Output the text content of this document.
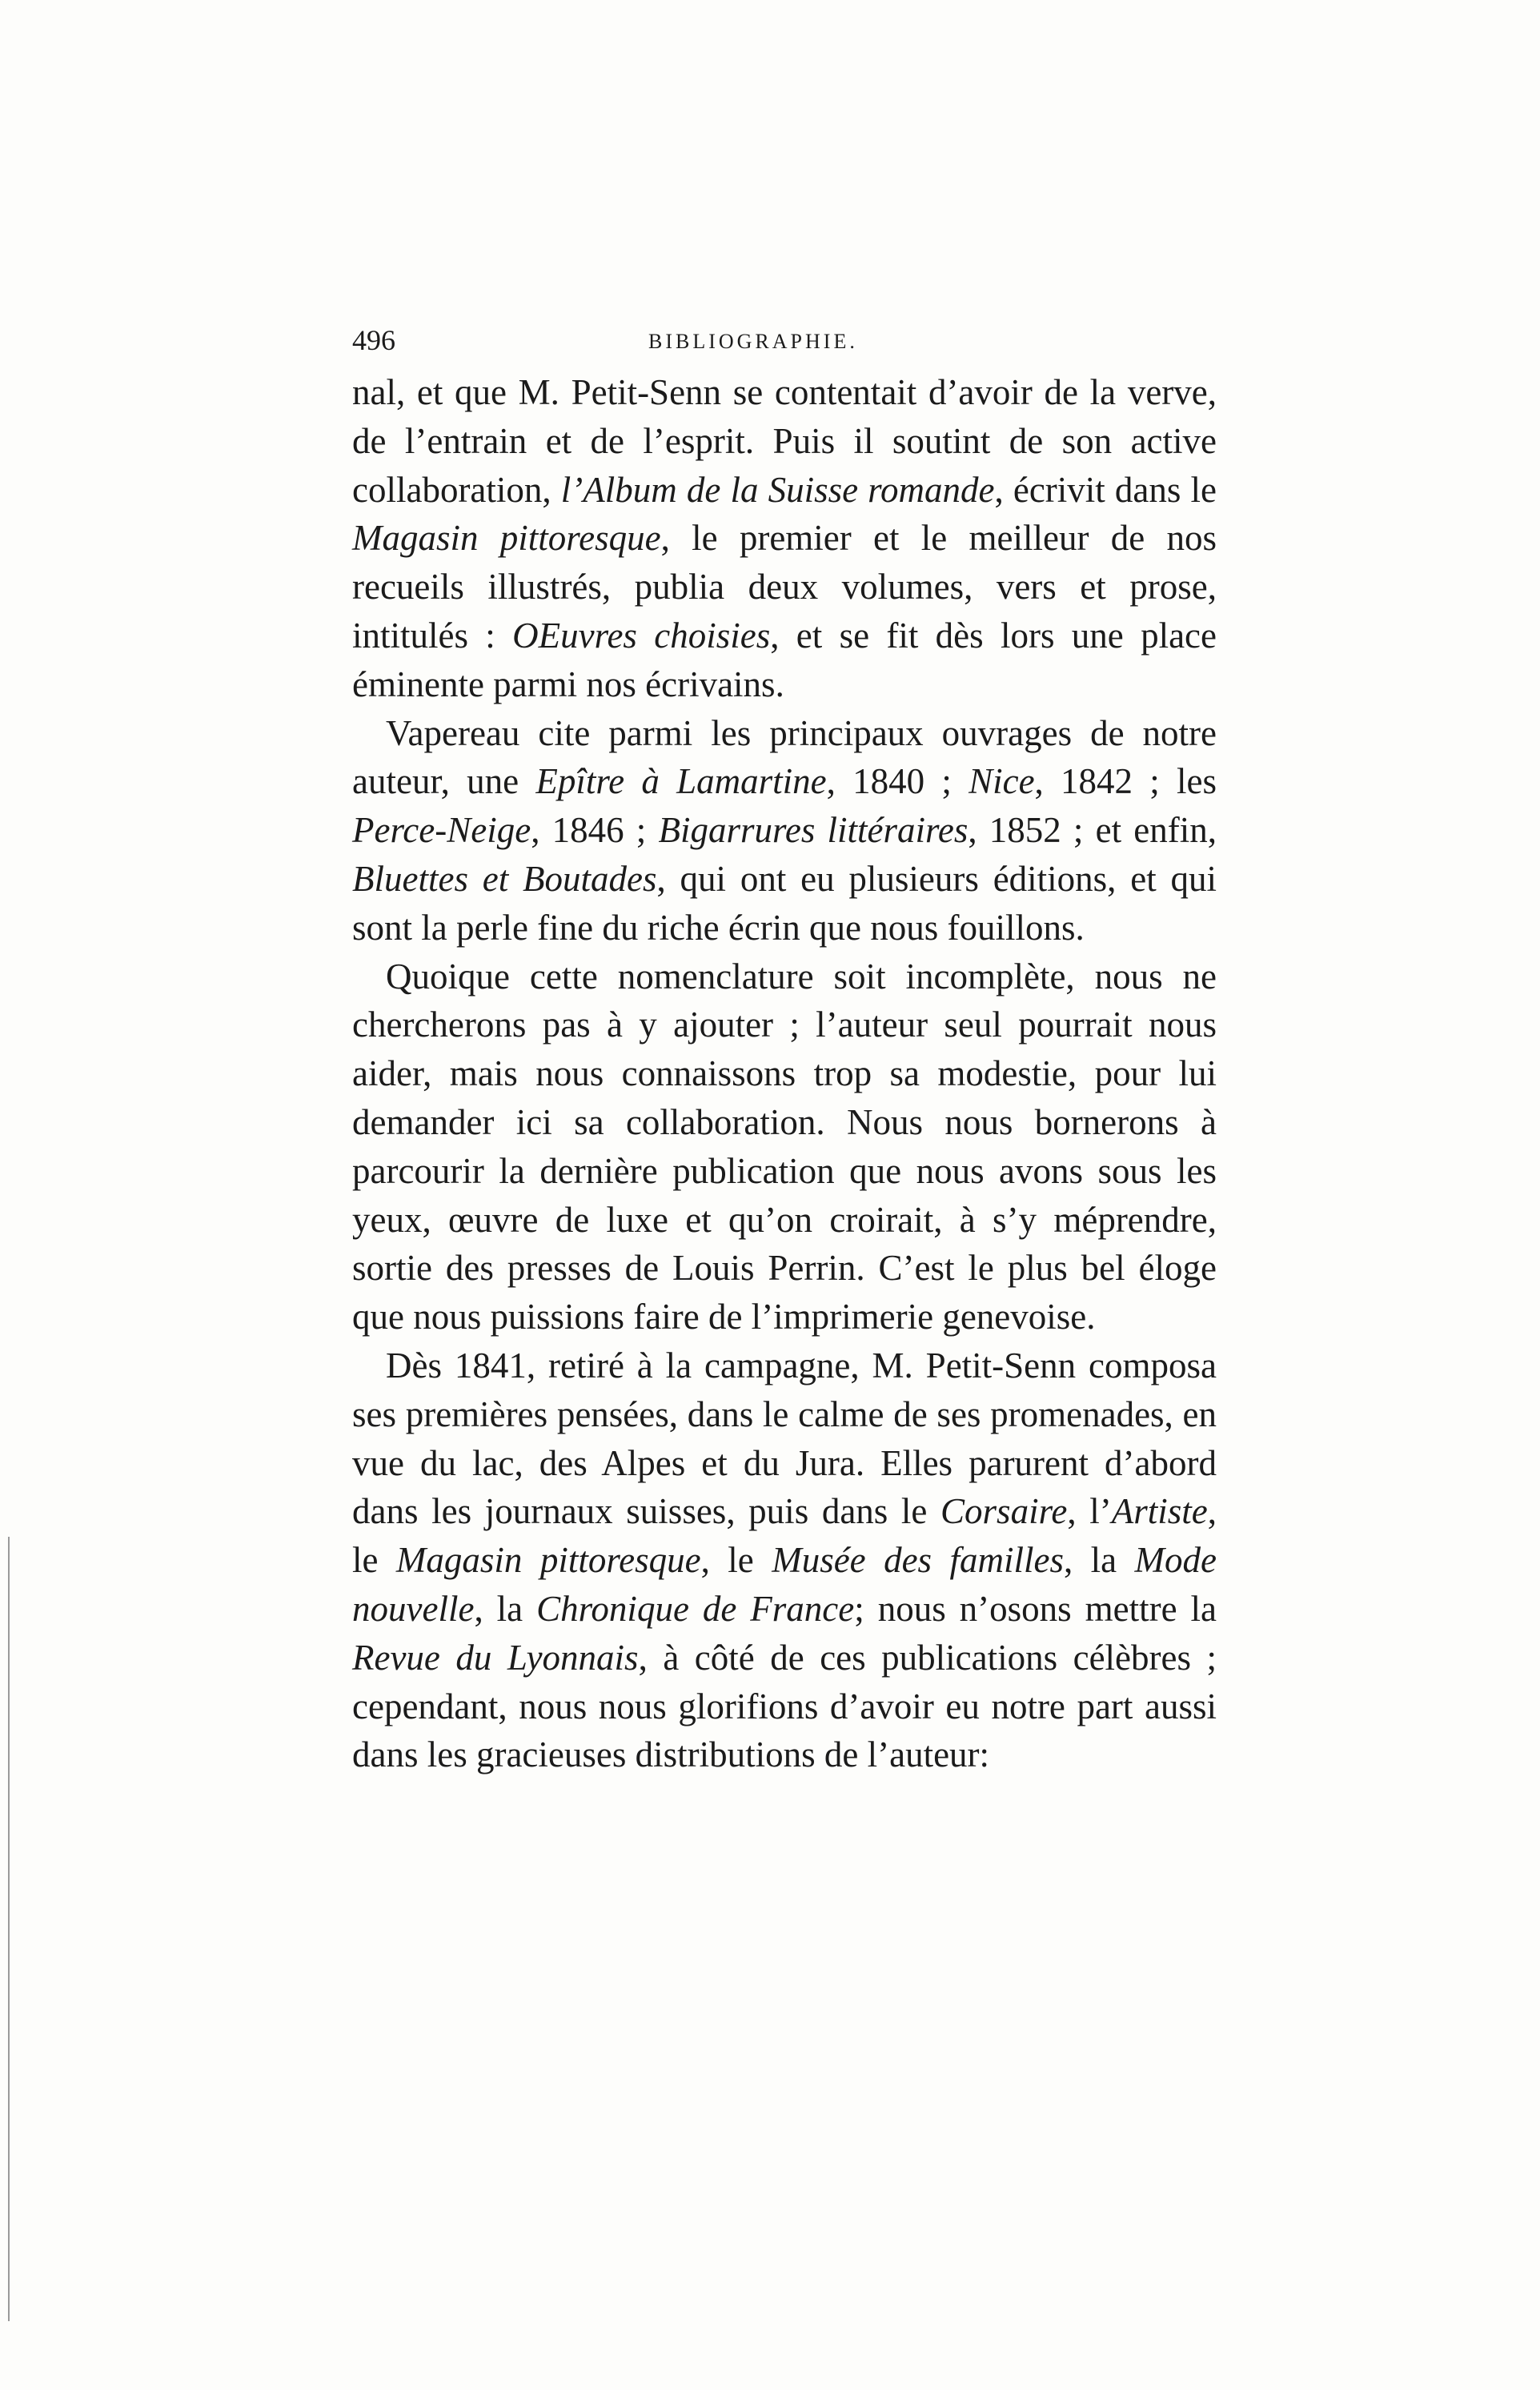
496	BIBLIOGRAPHIE.

nal, et que M. Petit-Senn se contentait d’avoir de la verve, de l’entrain et de l’esprit. Puis il soutint de son active collaboration, l’Album de la Suisse romande, écrivit dans le Magasin pittoresque, le premier et le meilleur de nos recueils illustrés, publia deux volumes, vers et prose, intitulés : OEuvres choisies, et se fit dès lors une place éminente parmi nos écrivains.

Vapereau cite parmi les principaux ouvrages de notre auteur, une Epître à Lamartine, 1840 ; Nice, 1842 ; les Perce-Neige, 1846 ; Bigarrures littéraires, 1852 ; et enfin, Bluettes et Boutades, qui ont eu plusieurs éditions, et qui sont la perle fine du riche écrin que nous fouillons.

Quoique cette nomenclature soit incomplète, nous ne chercherons pas à y ajouter ; l’auteur seul pourrait nous aider, mais nous connaissons trop sa modestie, pour lui demander ici sa collaboration. Nous nous bornerons à parcourir la dernière publication que nous avons sous les yeux, œuvre de luxe et qu’on croirait, à s’y méprendre, sortie des presses de Louis Perrin. C’est le plus bel éloge que nous puissions faire de l’imprimerie genevoise.

Dès 1841, retiré à la campagne, M. Petit-Senn composa ses premières pensées, dans le calme de ses promenades, en vue du lac, des Alpes et du Jura. Elles parurent d’abord dans les journaux suisses, puis dans le Corsaire, l’Artiste, le Magasin pittoresque, le Musée des familles, la Mode nouvelle, la Chronique de France; nous n’osons mettre la Revue du Lyonnais, à côté de ces publications célèbres ; cependant, nous nous glorifions d’avoir eu notre part aussi dans les gracieuses distributions de l’auteur:
